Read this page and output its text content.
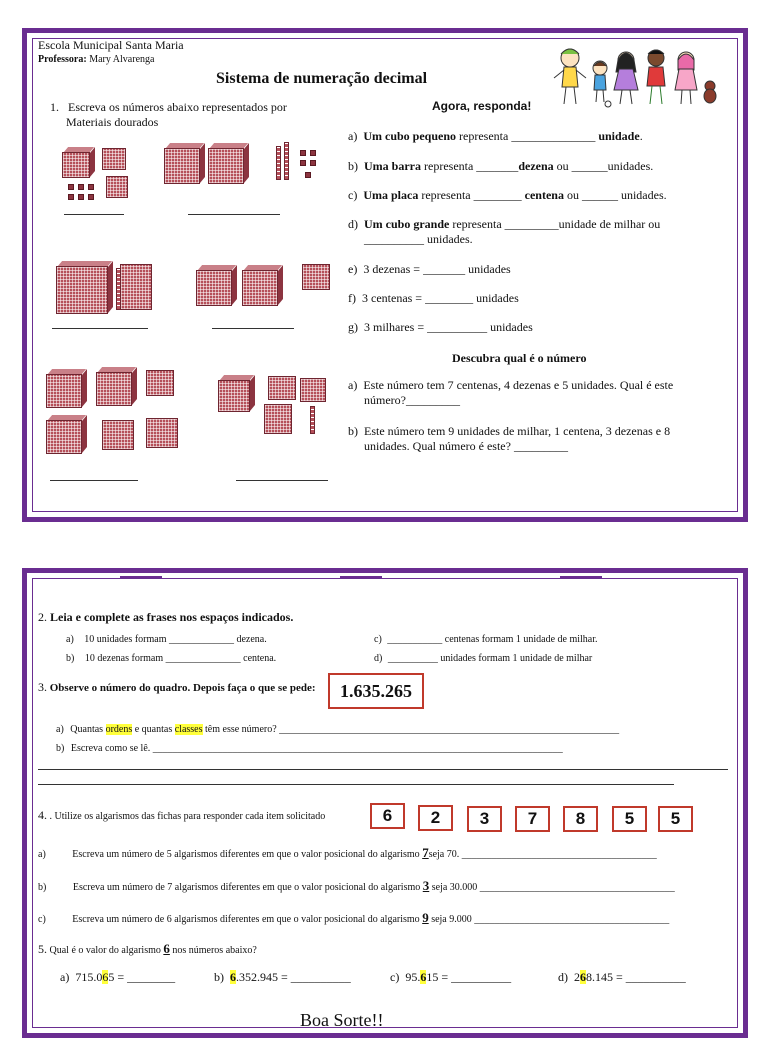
Escola Municipal Santa Maria
Professora: Mary Alvarenga
Sistema de numeração decimal
1. Escreva os números abaixo representados por
Materiais dourados
Agora, responda!
a) Um cubo pequeno representa ______________ unidade.
b) Uma barra representa _______dezena ou ______unidades.
c) Uma placa representa ________ centena ou ______ unidades.
d) Um cubo grande representa _________unidade de milhar ou
__________ unidades.
e) 3 dezenas = _______ unidades
f) 3 centenas = ________ unidades
g) 3 milhares = __________ unidades
Descubra qual é o número
a) Este número tem 7 centenas, 4 dezenas e 5 unidades. Qual é este
número?_________
b) Este número tem 9 unidades de milhar, 1 centena, 3 dezenas e 8
unidades. Qual número é este? _________
2. Leia e complete as frases nos espaços indicados.
a) 10 unidades formam _____________ dezena.	c) ___________ centenas formam 1 unidade de milhar.
b) 10 dezenas formam _______________ centena.	d) __________ unidades formam 1 unidade de milhar
3. Observe o número do quadro. Depois faça o que se pede:	1.635.265
a) Quantas ordens e quantas classes têm esse número? ____________________________________________________________________
b) Escreva como se lê. __________________________________________________________________________________
4. . Utilize os algarismos das fichas para responder cada item solicitado	6	2	3	7	8	5	5
a)	Escreva um número de 5 algarismos diferentes em que o valor posicional do algarismo 7seja 70. _______________________________________
b)	Escreva um número de 7 algarismos diferentes em que o valor posicional do algarismo 3 seja 30.000 _______________________________________
c)	Escreva um número de 6 algarismos diferentes em que o valor posicional do algarismo 9 seja 9.000 _______________________________________
5. Qual é o valor do algarismo 6 nos números abaixo?
a) 715.065 = ________	b) 6.352.945 = __________	c) 95.615 = __________	d) 268.145 = __________
Boa Sorte!!
